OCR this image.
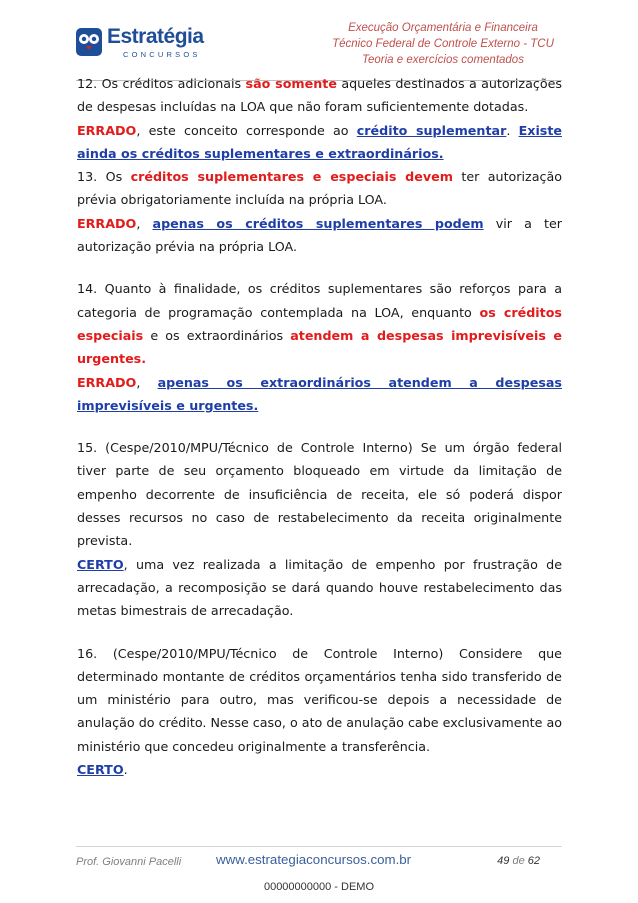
Estratégia
CONCURSOS
Execução Orçamentária e Financeira
Técnico Federal de Controle Externo - TCU
Teoria e exercícios comentados

12. Os créditos adicionais são somente aqueles destinados a autorizações de despesas incluídas na LOA que não foram suficientemente dotadas.

ERRADO, este conceito corresponde ao crédito suplementar. Existe ainda os créditos suplementares e extraordinários.

13. Os créditos suplementares e especiais devem ter autorização prévia obrigatoriamente incluída na própria LOA.

ERRADO, apenas os créditos suplementares podem vir a ter autorização prévia na própria LOA.

14. Quanto à finalidade, os créditos suplementares são reforços para a categoria de programação contemplada na LOA, enquanto os créditos especiais e os extraordinários atendem a despesas imprevisíveis e urgentes.

ERRADO, apenas os extraordinários atendem a despesas imprevisíveis e urgentes.

15. (Cespe/2010/MPU/Técnico de Controle Interno) Se um órgão federal tiver parte de seu orçamento bloqueado em virtude da limitação de empenho decorrente de insuficiência de receita, ele só poderá dispor desses recursos no caso de restabelecimento da receita originalmente prevista.

CERTO, uma vez realizada a limitação de empenho por frustração de arrecadação, a recomposição se dará quando houve restabelecimento das metas bimestrais de arrecadação.

16. (Cespe/2010/MPU/Técnico de Controle Interno) Considere que determinado montante de créditos orçamentários tenha sido transferido de um ministério para outro, mas verificou-se depois a necessidade de anulação do crédito. Nesse caso, o ato de anulação cabe exclusivamente ao ministério que concedeu originalmente a transferência.

CERTO.

Prof. Giovanni Pacelli	www.estrategiaconcursos.com.br	49 de 62
00000000000 - DEMO
